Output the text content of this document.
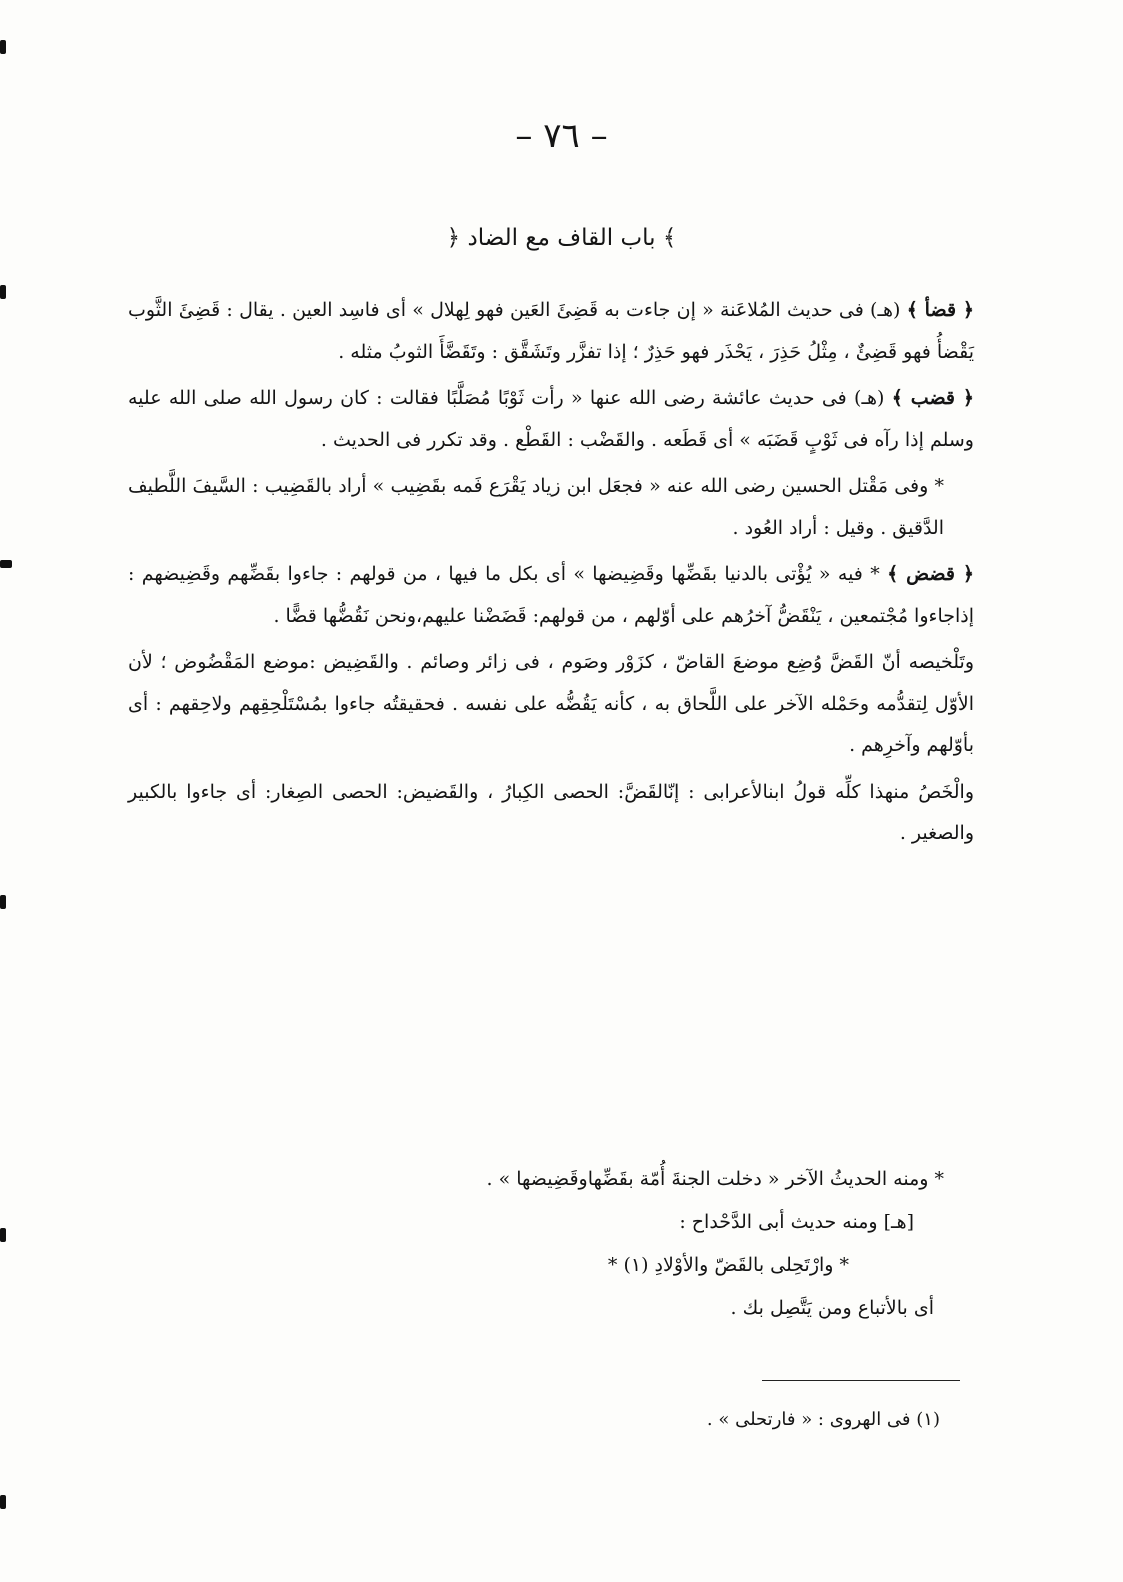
– ٧٦ –
﴿ باب القاف مع الضاد ﴾

﴿ قضأ ﴾ (هـ) فى حديث المُلاعَنة « إن جاءت به قَضِئَ العَين فهو لِهلال » أى فاسِد العين . يقال : قَضِئَ الثَّوب يَقْضأُ فهو قَضِئٌ ، مِثْلُ حَذِرَ ، يَحْذَر فهو حَذِرٌ ؛ إذا تفزَّر وتَشَقَّق : وتَقَضَّأَ الثوبُ مثله .

﴿ قضب ﴾ (هـ) فى حديث عائشة رضى الله عنها « رأت ثَوْبًا مُصَلَّبًا فقالت : كان رسول الله صلى الله عليه وسلم إذا رآه فى ثَوْبٍ قَضَبَه » أى قَطَعه . والقَضْب : القَطْع . وقد تكرر فى الحديث .

* وفى مَقْتل الحسين رضى الله عنه « فجعَل ابن زياد يَقْرَع فَمه بقَضِيب » أراد بالقَضِيب : السَّيفَ اللَّطيف الدَّقيق . وقيل : أراد العُود .

﴿ قضض ﴾ * فيه « يُؤْتى بالدنيا بقَضِّها وقَضِيضها » أى بكل ما فيها ، من قولهم : جاءوا بقَضِّهم وقَضِيضهم : إذاجاءوا مُجْتمعين ، يَنْقَضُّ آخرُهم على أوّلهم ، من قولهم: قَضَضْنا عليهم،ونحن نَقُضُّها قضًّا .

وتَلْخيصه أنّ القَضَّ وُضِع موضعَ القاضّ ، كزَوْر وصَوم ، فى زائر وصائم . والقَضِيض :موضع المَقْضُوض ؛ لأن الأوّل لِتقدُّمه وحَمْله الآخر على اللَّحاق به ، كأنه يَقُضُّه على نفسه . فحقيقتُه جاءوا بمُسْتَلْحِقِهم ولاحِقهم : أى بأوّلهم وآخرِهم .

والْخَصُ منهذا كلِّه قولُ ابنالأعرابى : إنّالقَضَّ: الحصى الكِبارُ ، والقَضيض: الحصى الصِغار: أى جاءوا بالكبير والصغير .

* ومنه الحديثُ الآخر « دخلت الجنةَ أُمّة بقَضِّهاوقَضِيضها » .

[هـ] ومنه حديث أبى الدَّحْداح :

* وارْتَحِلى بالقَضّ والأوْلادِ (١) *

أى بالأتباع ومن يَتَّصِل بك .

(١) فى الهروى : « فارتحلى » .
